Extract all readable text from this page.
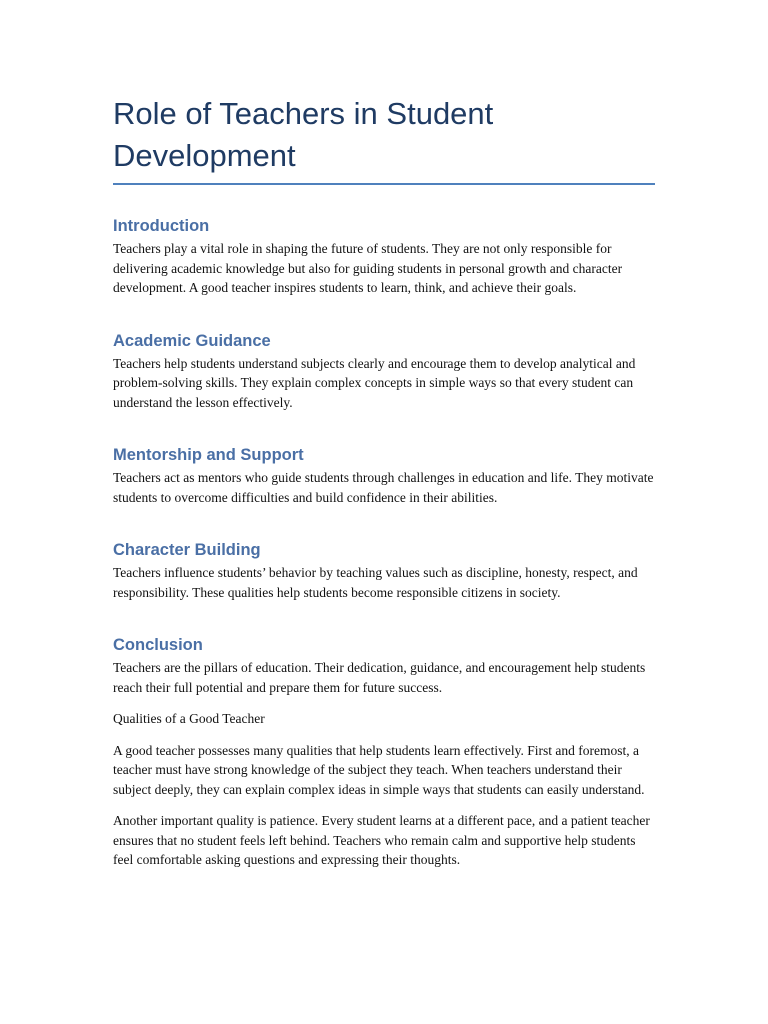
Role of Teachers in Student Development
Introduction

Teachers play a vital role in shaping the future of students. They are not only responsible for delivering academic knowledge but also for guiding students in personal growth and character development. A good teacher inspires students to learn, think, and achieve their goals.

Academic Guidance

Teachers help students understand subjects clearly and encourage them to develop analytical and problem-solving skills. They explain complex concepts in simple ways so that every student can understand the lesson effectively.

Mentorship and Support

Teachers act as mentors who guide students through challenges in education and life. They motivate students to overcome difficulties and build confidence in their abilities.

Character Building

Teachers influence students’ behavior by teaching values such as discipline, honesty, respect, and responsibility. These qualities help students become responsible citizens in society.

Conclusion

Teachers are the pillars of education. Their dedication, guidance, and encouragement help students reach their full potential and prepare them for future success.

Qualities of a Good Teacher

A good teacher possesses many qualities that help students learn effectively. First and foremost, a teacher must have strong knowledge of the subject they teach. When teachers understand their subject deeply, they can explain complex ideas in simple ways that students can easily understand.

Another important quality is patience. Every student learns at a different pace, and a patient teacher ensures that no student feels left behind. Teachers who remain calm and supportive help students feel comfortable asking questions and expressing their thoughts.
